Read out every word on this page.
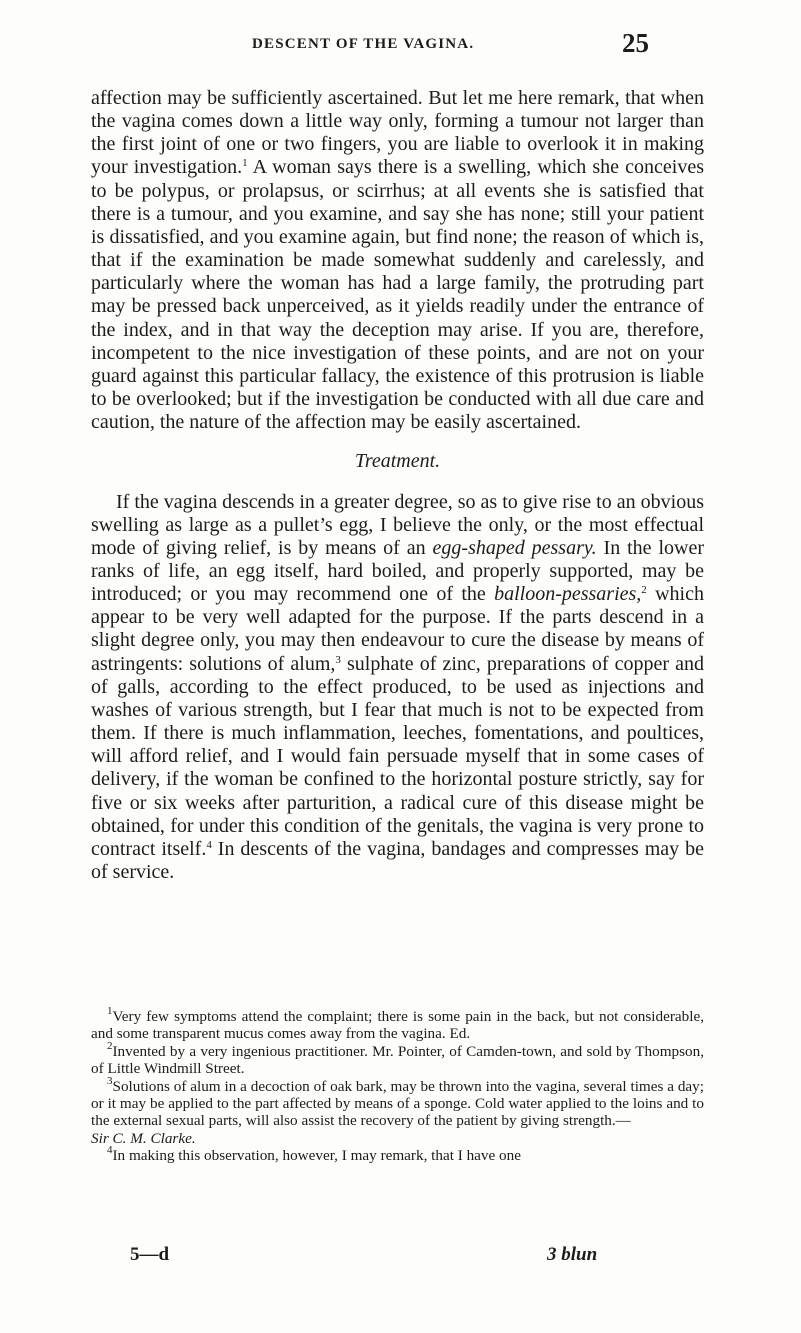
DESCENT OF THE VAGINA.	25

affection may be sufficiently ascertained. But let me here remark, that when the vagina comes down a little way only, forming a tumour not larger than the first joint of one or two fingers, you are liable to overlook it in making your investigation.$^1$ A woman says there is a swelling, which she conceives to be polypus, or prolapsus, or scirrhus; at all events she is satisfied that there is a tumour, and you examine, and say she has none; still your patient is dissatisfied, and you examine again, but find none; the reason of which is, that if the examination be made somewhat suddenly and carelessly, and particularly where the woman has had a large family, the protruding part may be pressed back unperceived, as it yields readily under the entrance of the index, and in that way the deception may arise. If you are, therefore, incompetent to the nice investigation of these points, and are not on your guard against this particular fallacy, the existence of this protrusion is liable to be overlooked; but if the investigation be conducted with all due care and caution, the nature of the affection may be easily ascertained.

Treatment.

If the vagina descends in a greater degree, so as to give rise to an obvious swelling as large as a pullet’s egg, I believe the only, or the most effectual mode of giving relief, is by means of an egg-shaped pessary. In the lower ranks of life, an egg itself, hard boiled, and properly supported, may be introduced; or you may recommend one of the balloon-pessaries,$^2$ which appear to be very well adapted for the purpose. If the parts descend in a slight degree only, you may then endeavour to cure the disease by means of astringents: solutions of alum,$^3$ sulphate of zinc, preparations of copper and of galls, according to the effect produced, to be used as injections and washes of various strength, but I fear that much is not to be expected from them. If there is much inflammation, leeches, fomentations, and poultices, will afford relief, and I would fain persuade myself that in some cases of delivery, if the woman be confined to the horizontal posture strictly, say for five or six weeks after parturition, a radical cure of this disease might be obtained, for under this condition of the genitals, the vagina is very prone to contract itself.$^4$ In descents of the vagina, bandages and compresses may be of service.

$^1$Very few symptoms attend the complaint; there is some pain in the back, but not considerable, and some transparent mucus comes away from the vagina. Ed.

$^2$Invented by a very ingenious practitioner. Mr. Pointer, of Camden-town, and sold by Thompson, of Little Windmill Street.

$^3$Solutions of alum in a decoction of oak bark, may be thrown into the vagina, several times a day; or it may be applied to the part affected by means of a sponge. Cold water applied to the loins and to the external sexual parts, will also assist the recovery of the patient by giving strength.—
Sir C. M. Clarke.

$^4$In making this observation, however, I may remark, that I have one

5—d	3 blun
